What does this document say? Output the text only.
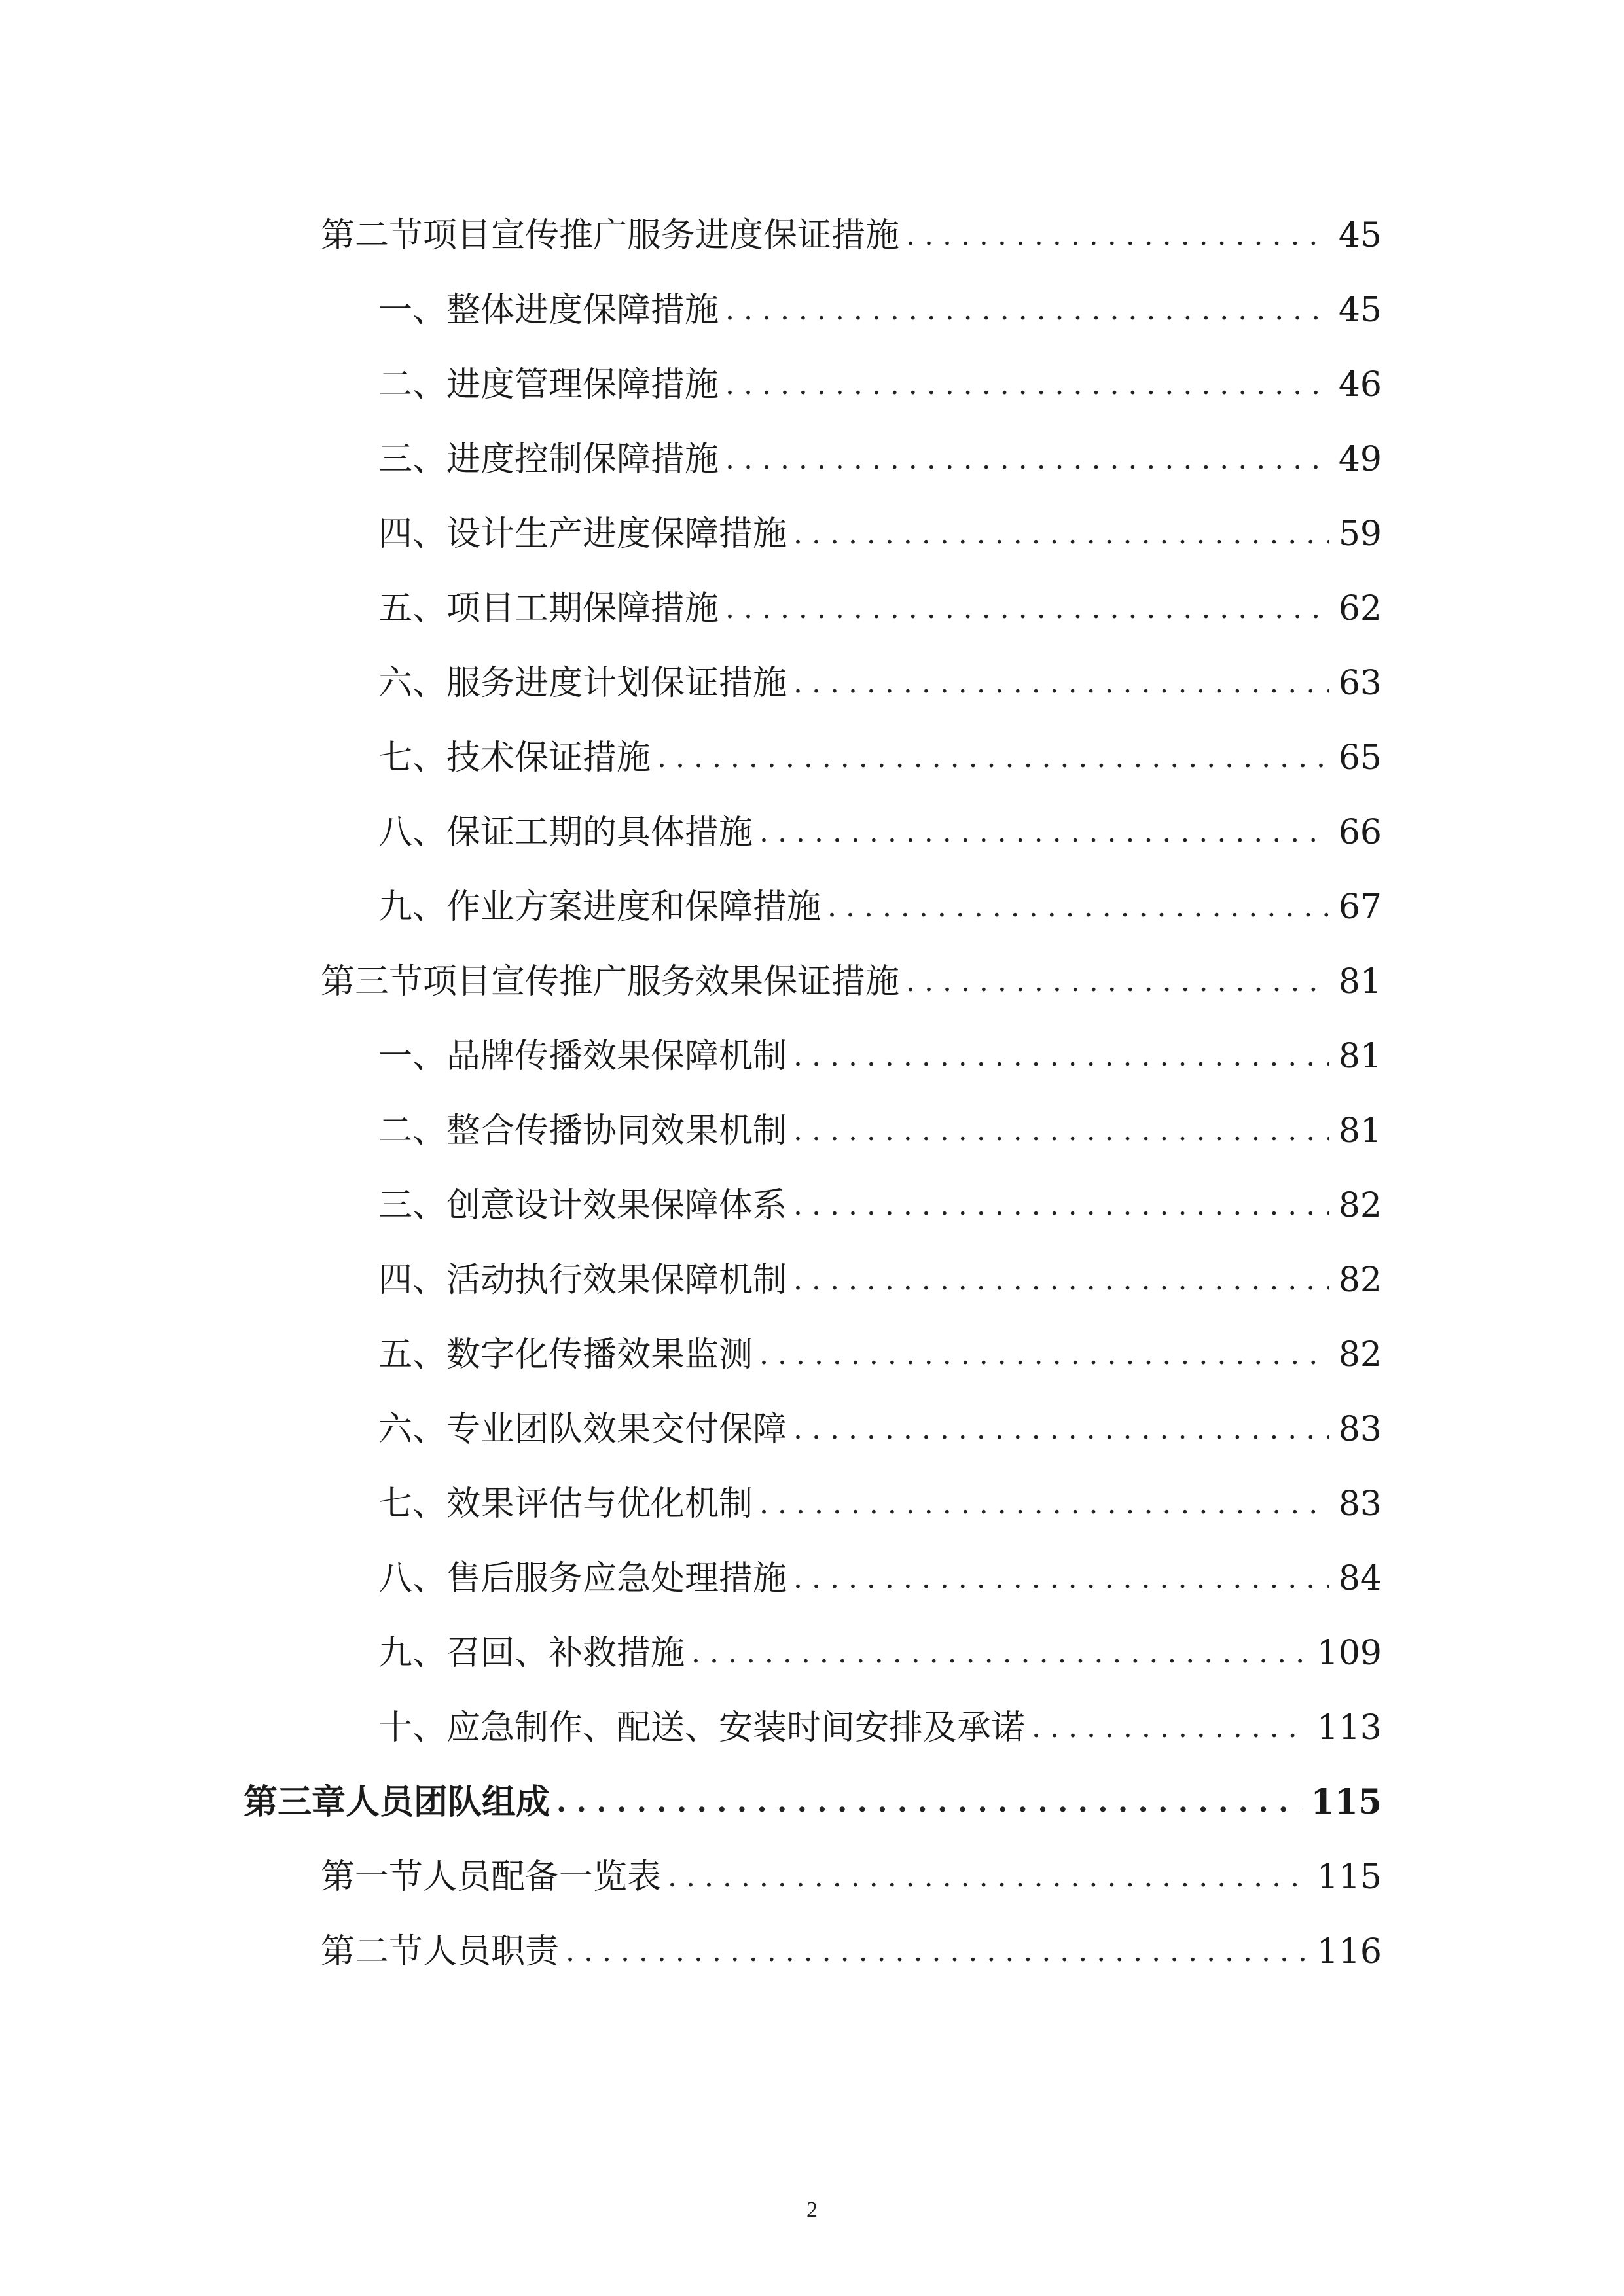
第二节 项目宣传推广服务进度保证措施 . . .	45
一、 整体进度保障措施 . . .	45
二、 进度管理保障措施 . . .	46
三、 进度控制保障措施 . . .	49
四、 设计生产进度保障措施 . . .	59
五、 项目工期保障措施 . . .	62
六、 服务进度计划保证措施 . . .	63
七、 技术保证措施 . . .	65
八、 保证工期的具体措施 . . .	66
九、 作业方案进度和保障措施 . . .	67
第三节 项目宣传推广服务效果保证措施 . . .	81
一、 品牌传播效果保障机制 . . .	81
二、 整合传播协同效果机制 . . .	81
三、 创意设计效果保障体系 . . .	82
四、 活动执行效果保障机制 . . .	82
五、 数字化传播效果监测 . . .	82
六、 专业团队效果交付保障 . . .	83
七、 效果评估与优化机制 . . .	83
八、 售后服务应急处理措施 . . .	84
九、 召回、补救措施 . . .	109
十、 应急制作、配送、安装时间安排及承诺 . . .	113
第三章 人员团队组成 . . .	115
第一节 人员配备一览表 . . .	115
第二节 人员职责 . . .	116
2
